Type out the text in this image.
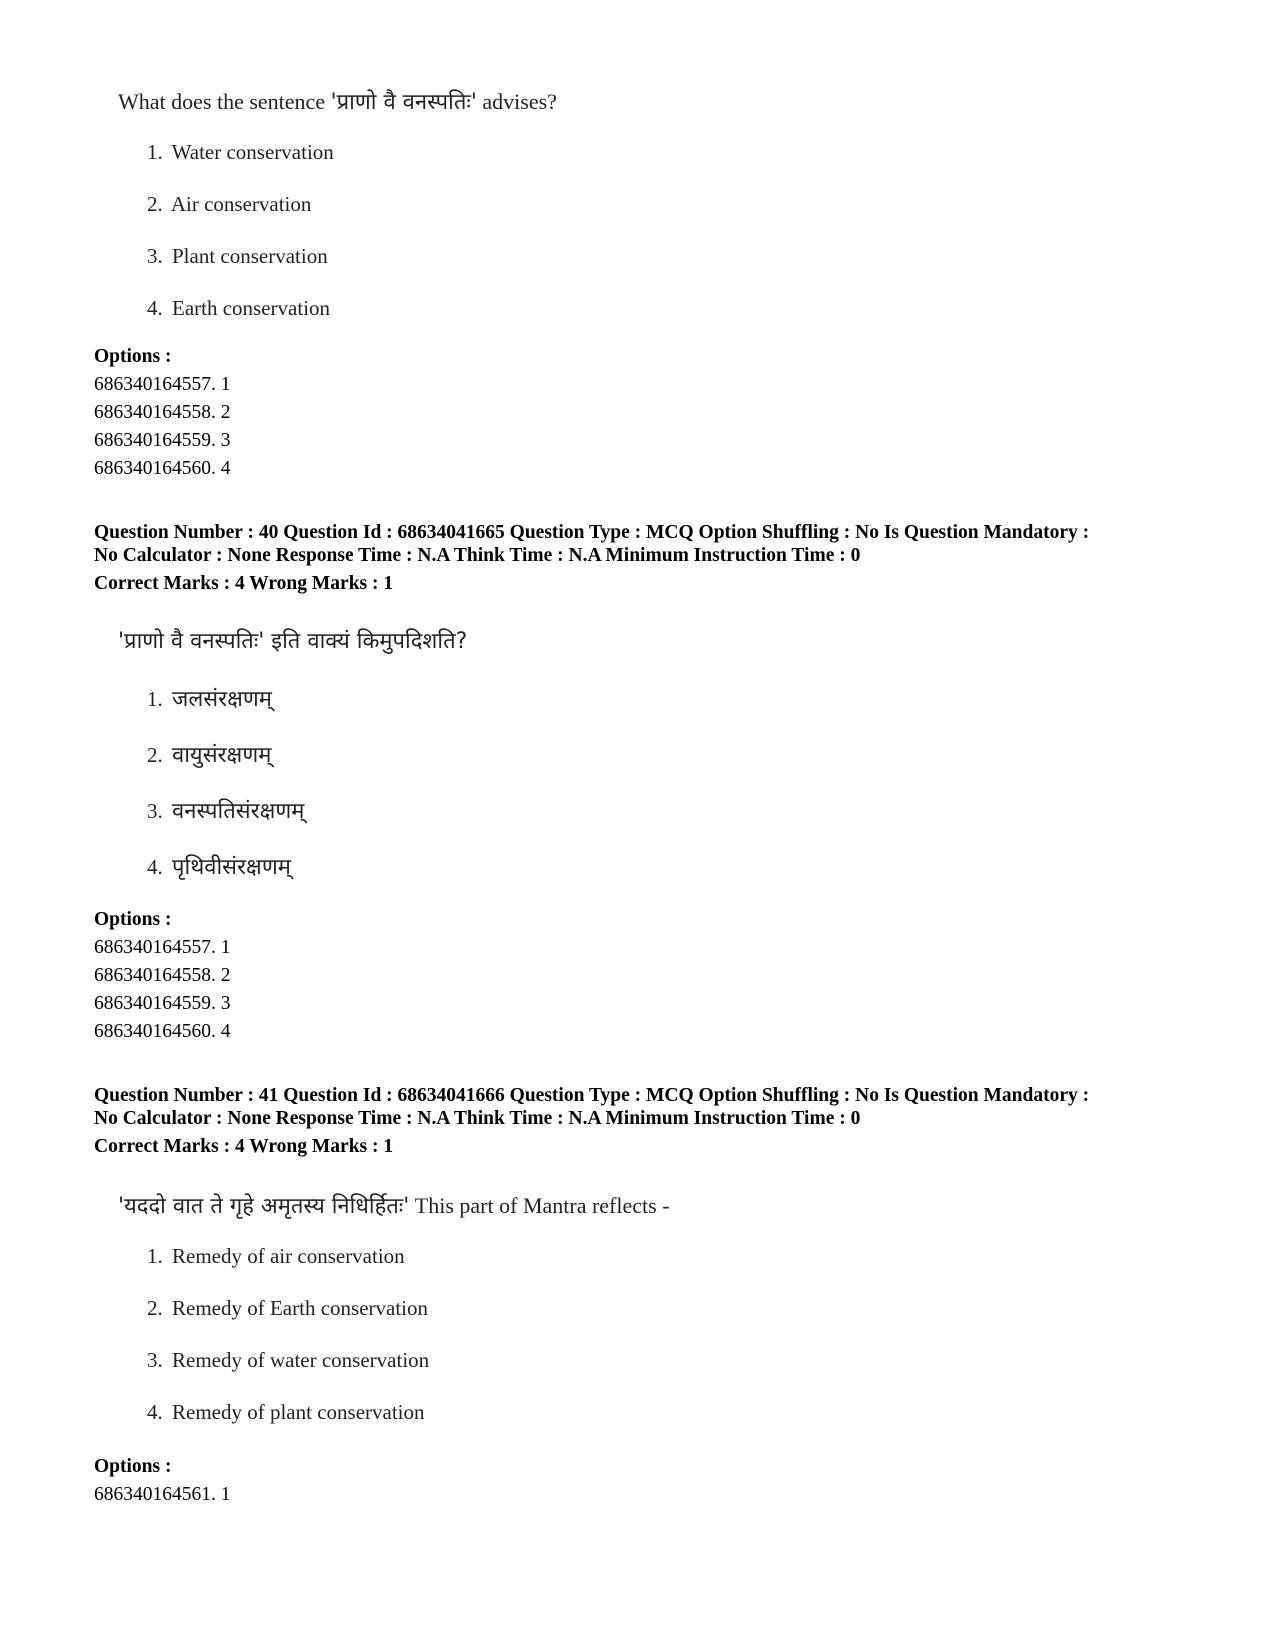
What does the sentence 'प्राणो वै वनस्पतिः' advises?
1. Water conservation
2. Air conservation
3. Plant conservation
4. Earth conservation
Options :
686340164557. 1
686340164558. 2
686340164559. 3
686340164560. 4
Question Number : 40 Question Id : 68634041665 Question Type : MCQ Option Shuffling : No Is Question Mandatory :
No Calculator : None Response Time : N.A Think Time : N.A Minimum Instruction Time : 0
Correct Marks : 4 Wrong Marks : 1
'प्राणो वै वनस्पतिः' इति वाक्यं किमुपदिशति?
1. जलसंरक्षणम्
2. वायुसंरक्षणम्
3. वनस्पतिसंरक्षणम्
4. पृथिवीसंरक्षणम्
Options :
686340164557. 1
686340164558. 2
686340164559. 3
686340164560. 4
Question Number : 41 Question Id : 68634041666 Question Type : MCQ Option Shuffling : No Is Question Mandatory :
No Calculator : None Response Time : N.A Think Time : N.A Minimum Instruction Time : 0
Correct Marks : 4 Wrong Marks : 1
'यददो वात ते गृहे अमृतस्य निधिर्हितः' This part of Mantra reflects -
1. Remedy of air conservation
2. Remedy of Earth conservation
3. Remedy of water conservation
4. Remedy of plant conservation
Options :
686340164561. 1
